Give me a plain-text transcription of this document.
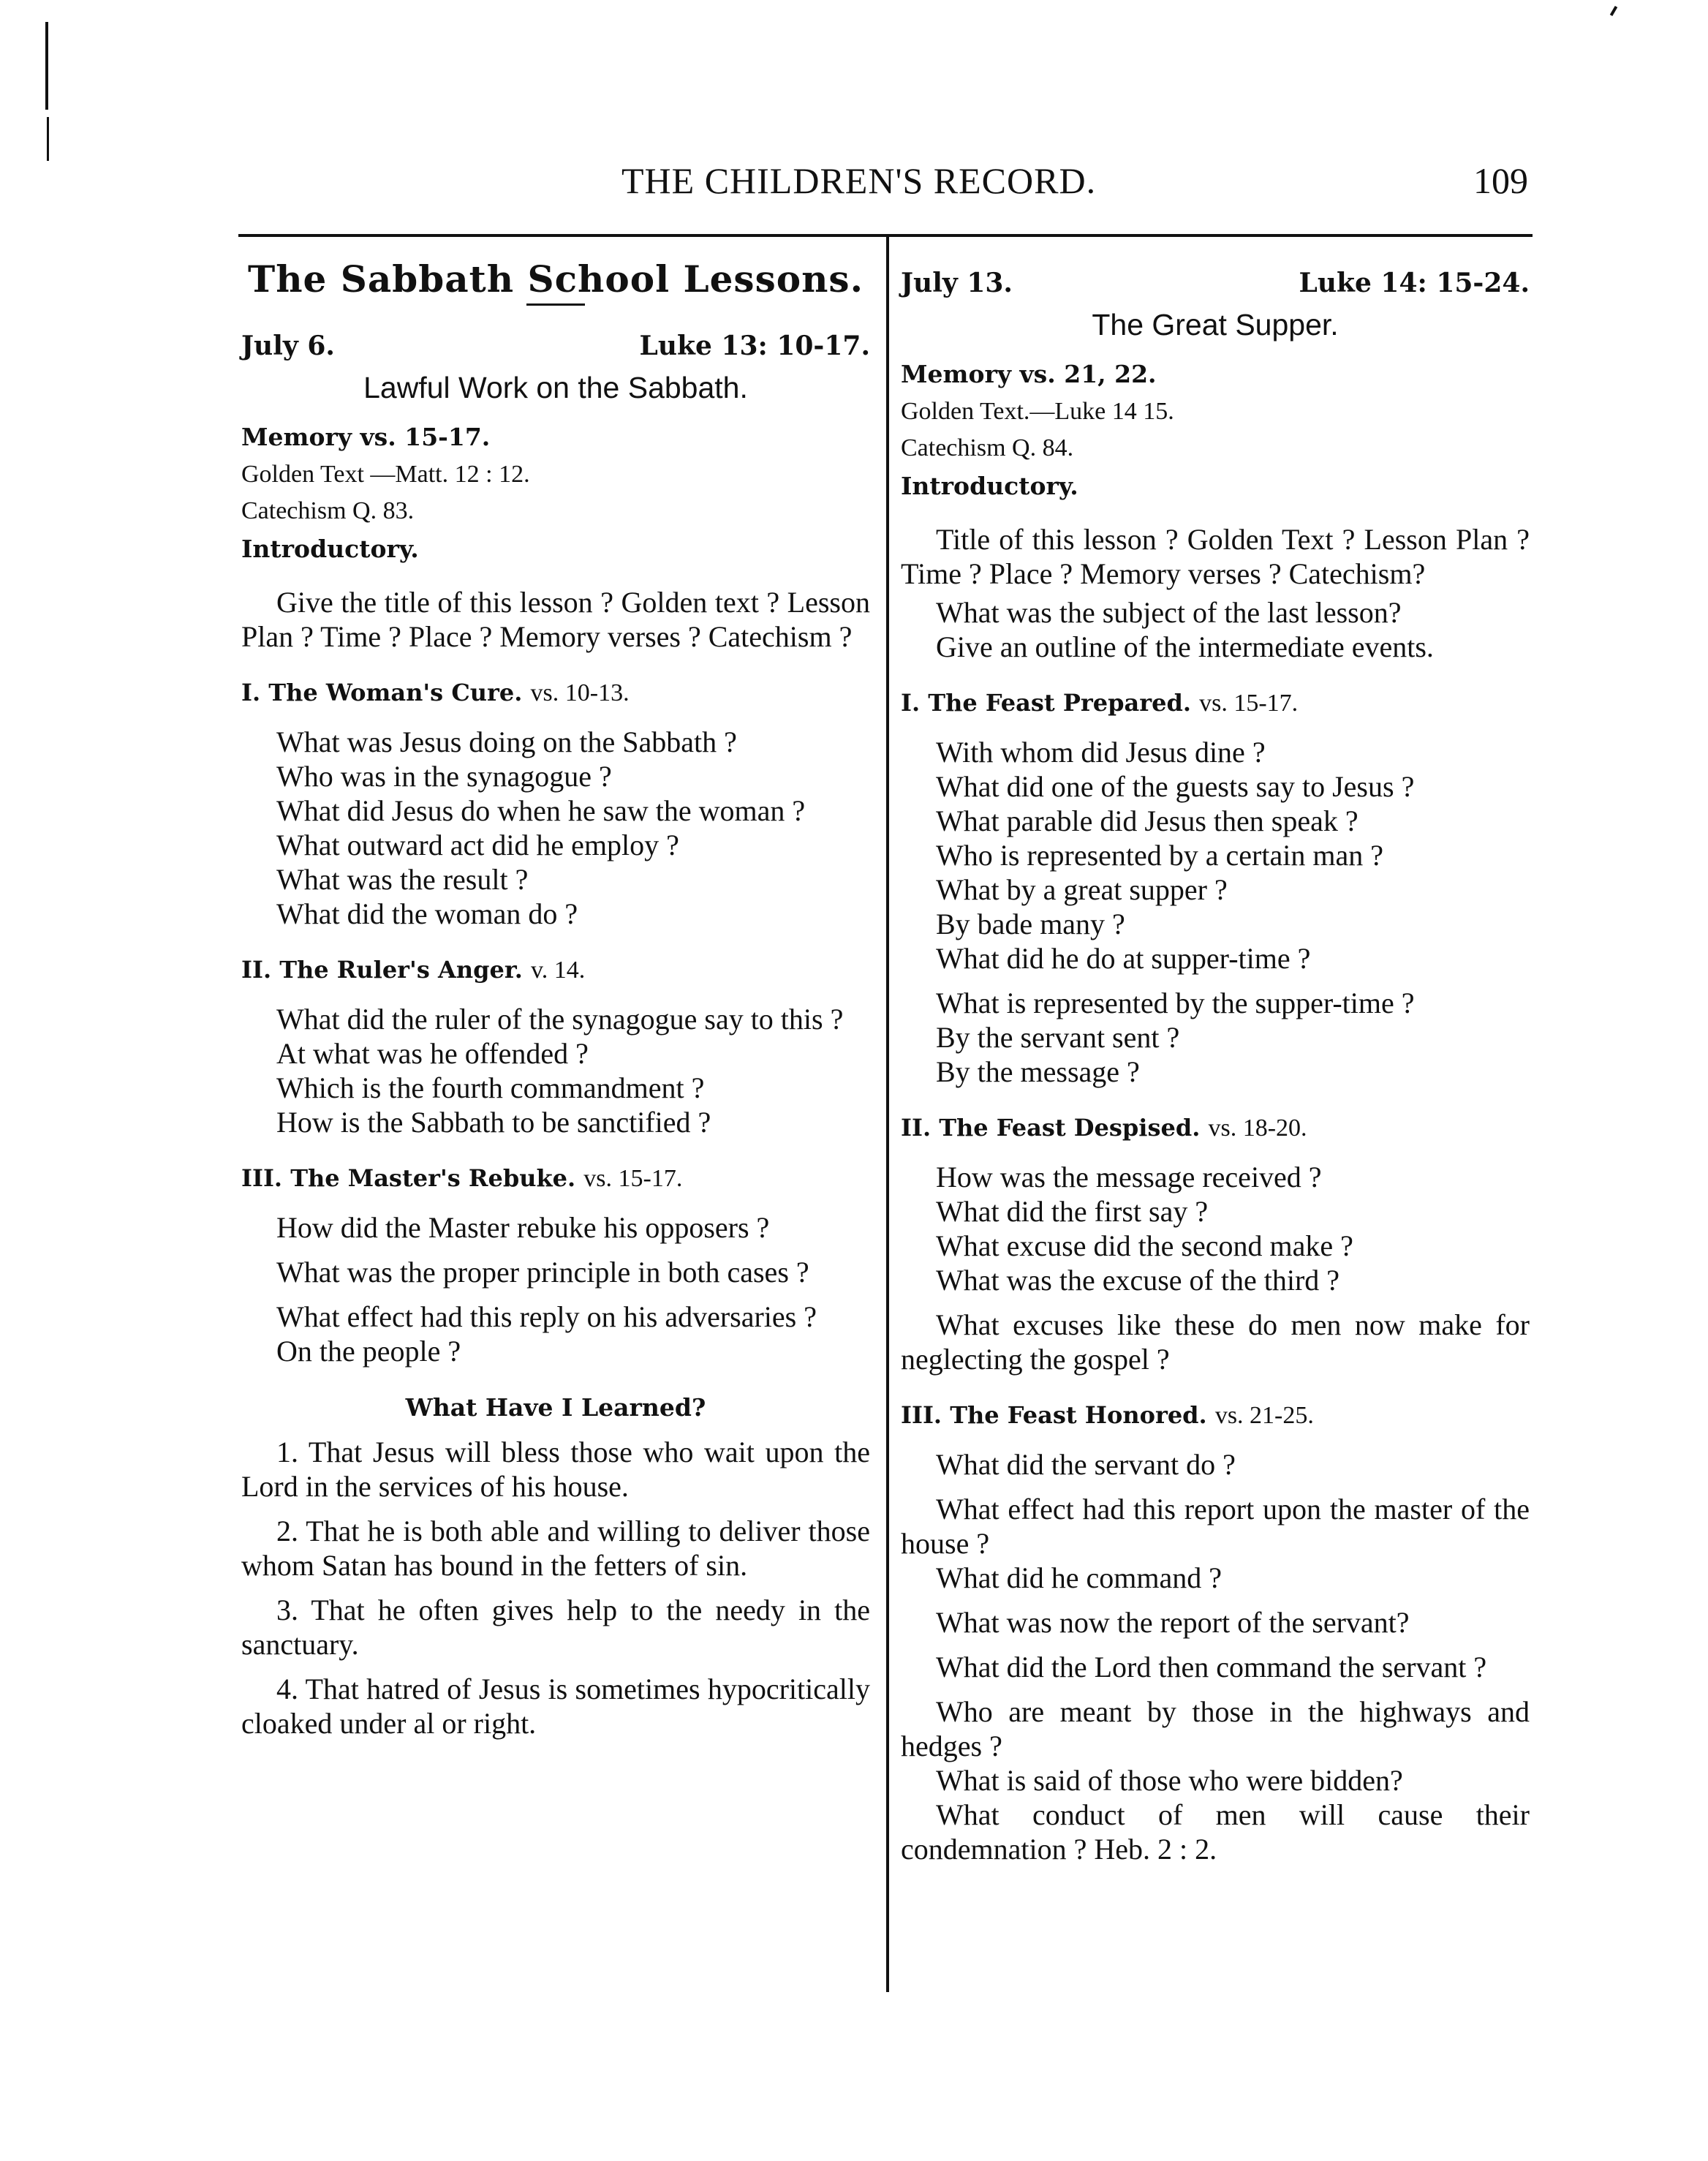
THE CHILDREN'S RECORD.	109
The Sabbath School Lessons.
July 6.	Luke 13: 10-17.
Lawful Work on the Sabbath.
Memory vs. 15-17.
Golden Text —Matt. 12 : 12.
Catechism Q. 83.
Introductory.
Give the title of this lesson ? Golden text ? Lesson Plan ? Time ? Place ? Memory verses ? Catechism ?
I. The Woman's Cure. vs. 10-13.
What was Jesus doing on the Sabbath ?
Who was in the synagogue ?
What did Jesus do when he saw the woman ?
What outward act did he employ ?
What was the result ?
What did the woman do ?
II. The Ruler's Anger. v. 14.
What did the ruler of the synagogue say to this ?
At what was he offended ?
Which is the fourth commandment ?
How is the Sabbath to be sanctified ?
III. The Master's Rebuke. vs. 15-17.
How did the Master rebuke his opposers ?
What was the proper principle in both cases ?
What effect had this reply on his adversaries ?
On the people ?
What Have I Learned?

1. That Jesus will bless those who wait upon the Lord in the services of his house.

2. That he is both able and willing to deliver those whom Satan has bound in the fetters of sin.

3. That he often gives help to the needy in the sanctuary.

4. That hatred of Jesus is sometimes hypocritically cloaked under al or right.

July 13.	Luke 14: 15-24.
The Great Supper.
Memory vs. 21, 22.
Golden Text.—Luke 14 15.
Catechism Q. 84.
Introductory.
Title of this lesson ? Golden Text ? Lesson Plan ? Time ? Place ? Memory verses ? Catechism?
What was the subject of the last lesson?
Give an outline of the intermediate events.
I. The Feast Prepared. vs. 15-17.
With whom did Jesus dine ?
What did one of the guests say to Jesus ?
What parable did Jesus then speak ?
Who is represented by a certain man ?
What by a great supper ?
By bade many ?
What did he do at supper-time ?
What is represented by the supper-time ?
By the servant sent ?
By the message ?
II. The Feast Despised. vs. 18-20.
How was the message received ?
What did the first say ?
What excuse did the second make ?
What was the excuse of the third ?
What excuses like these do men now make for neglecting the gospel ?
III. The Feast Honored. vs. 21-25.
What did the servant do ?
What effect had this report upon the master of the house ?
What did he command ?
What was now the report of the servant?
What did the Lord then command the servant ?
Who are meant by those in the highways and hedges ?
What is said of those who were bidden?
What conduct of men will cause their condemnation ? Heb. 2 : 2.
